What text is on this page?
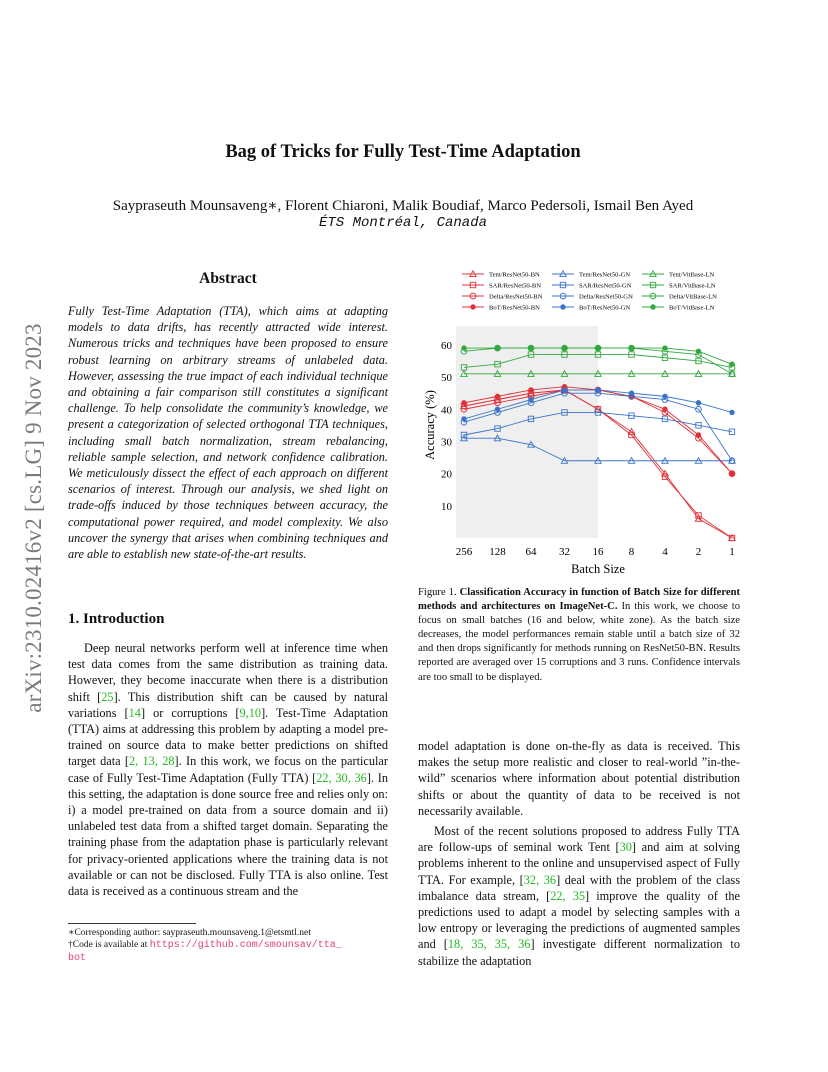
arXiv:2310.02416v2 [cs.LG] 9 Nov 2023
Bag of Tricks for Fully Test-Time Adaptation
Saypraseuth Mounsaveng∗, Florent Chiaroni, Malik Boudiaf, Marco Pedersoli, Ismail Ben Ayed
ÉTS Montréal, Canada
Abstract
Fully Test-Time Adaptation (TTA), which aims at adapting models to data drifts, has recently attracted wide interest. Numerous tricks and techniques have been proposed to ensure robust learning on arbitrary streams of unlabeled data. However, assessing the true impact of each individual technique and obtaining a fair comparison still constitutes a significant challenge. To help consolidate the community’s knowledge, we present a categorization of selected orthogonal TTA techniques, including small batch normalization, stream rebalancing, reliable sample selection, and network confidence calibration. We meticulously dissect the effect of each approach on different scenarios of interest. Through our analysis, we shed light on trade-offs induced by those techniques between accuracy, the computational power required, and model complexity. We also uncover the synergy that arises when combining techniques and are able to establish new state-of-the-art results.
1. Introduction

Deep neural networks perform well at inference time when test data comes from the same distribution as training data. However, they become inaccurate when there is a distribution shift [25]. This distribution shift can be caused by natural variations [14] or corruptions [9,10]. Test-Time Adaptation (TTA) aims at addressing this problem by adapting a model pre-trained on source data to make better predictions on shifted target data [2, 13, 28]. In this work, we focus on the particular case of Fully Test-Time Adaptation (Fully TTA) [22, 30, 36]. In this setting, the adaptation is done source free and relies only on: i) a model pre-trained on data from a source domain and ii) unlabeled test data from a shifted target domain. Separating the training phase from the adaptation phase is particularly relevant for privacy-oriented applications where the training data is not available or can not be disclosed. Fully TTA is also online. Test data is received as a continuous stream and the

∗Corresponding author: saypraseuth.mounsaveng.1@etsmtl.net
†Code is available at https://github.com/smounsav/tta_
bot
Tent/ResNet50-BN
SAR/ResNet50-BN
Delta/ResNet50-BN
BoT/ResNet50-BN
Tent/ResNet50-GN
SAR/ResNet50-GN
Delta/ResNet50-GN
BoT/ResNet50-GN
Tent/VitBase-LN
SAR/VitBase-LN
Delta/VitBase-LN
BoT/VitBase-LN
10
20
30
40
50
60
256 128 64 32 16 8	4	2	1
Batch Size
Accuracy (%)
Figure 1. Classification Accuracy in function of Batch Size for different methods and architectures on ImageNet-C. In this work, we choose to focus on small batches (16 and below, white zone). As the batch size decreases, the model performances remain stable until a batch size of 32 and then drops significantly for methods running on ResNet50-BN. Results reported are averaged over 15 corruptions and 3 runs. Confidence intervals are too small to be displayed.

model adaptation is done on-the-fly as data is received. This makes the setup more realistic and closer to real-world ”in-the-wild” scenarios where information about potential distribution shifts or about the quantity of data to be received is not necessarily available.

Most of the recent solutions proposed to address Fully TTA are follow-ups of seminal work Tent [30] and aim at solving problems inherent to the online and unsupervised aspect of Fully TTA. For example, [32, 36] deal with the problem of the class imbalance data stream, [22, 35] improve the quality of the predictions used to adapt a model by selecting samples with a low entropy or leveraging the predictions of augmented samples and [18, 35, 35, 36] investigate different normalization to stabilize the adaptation
